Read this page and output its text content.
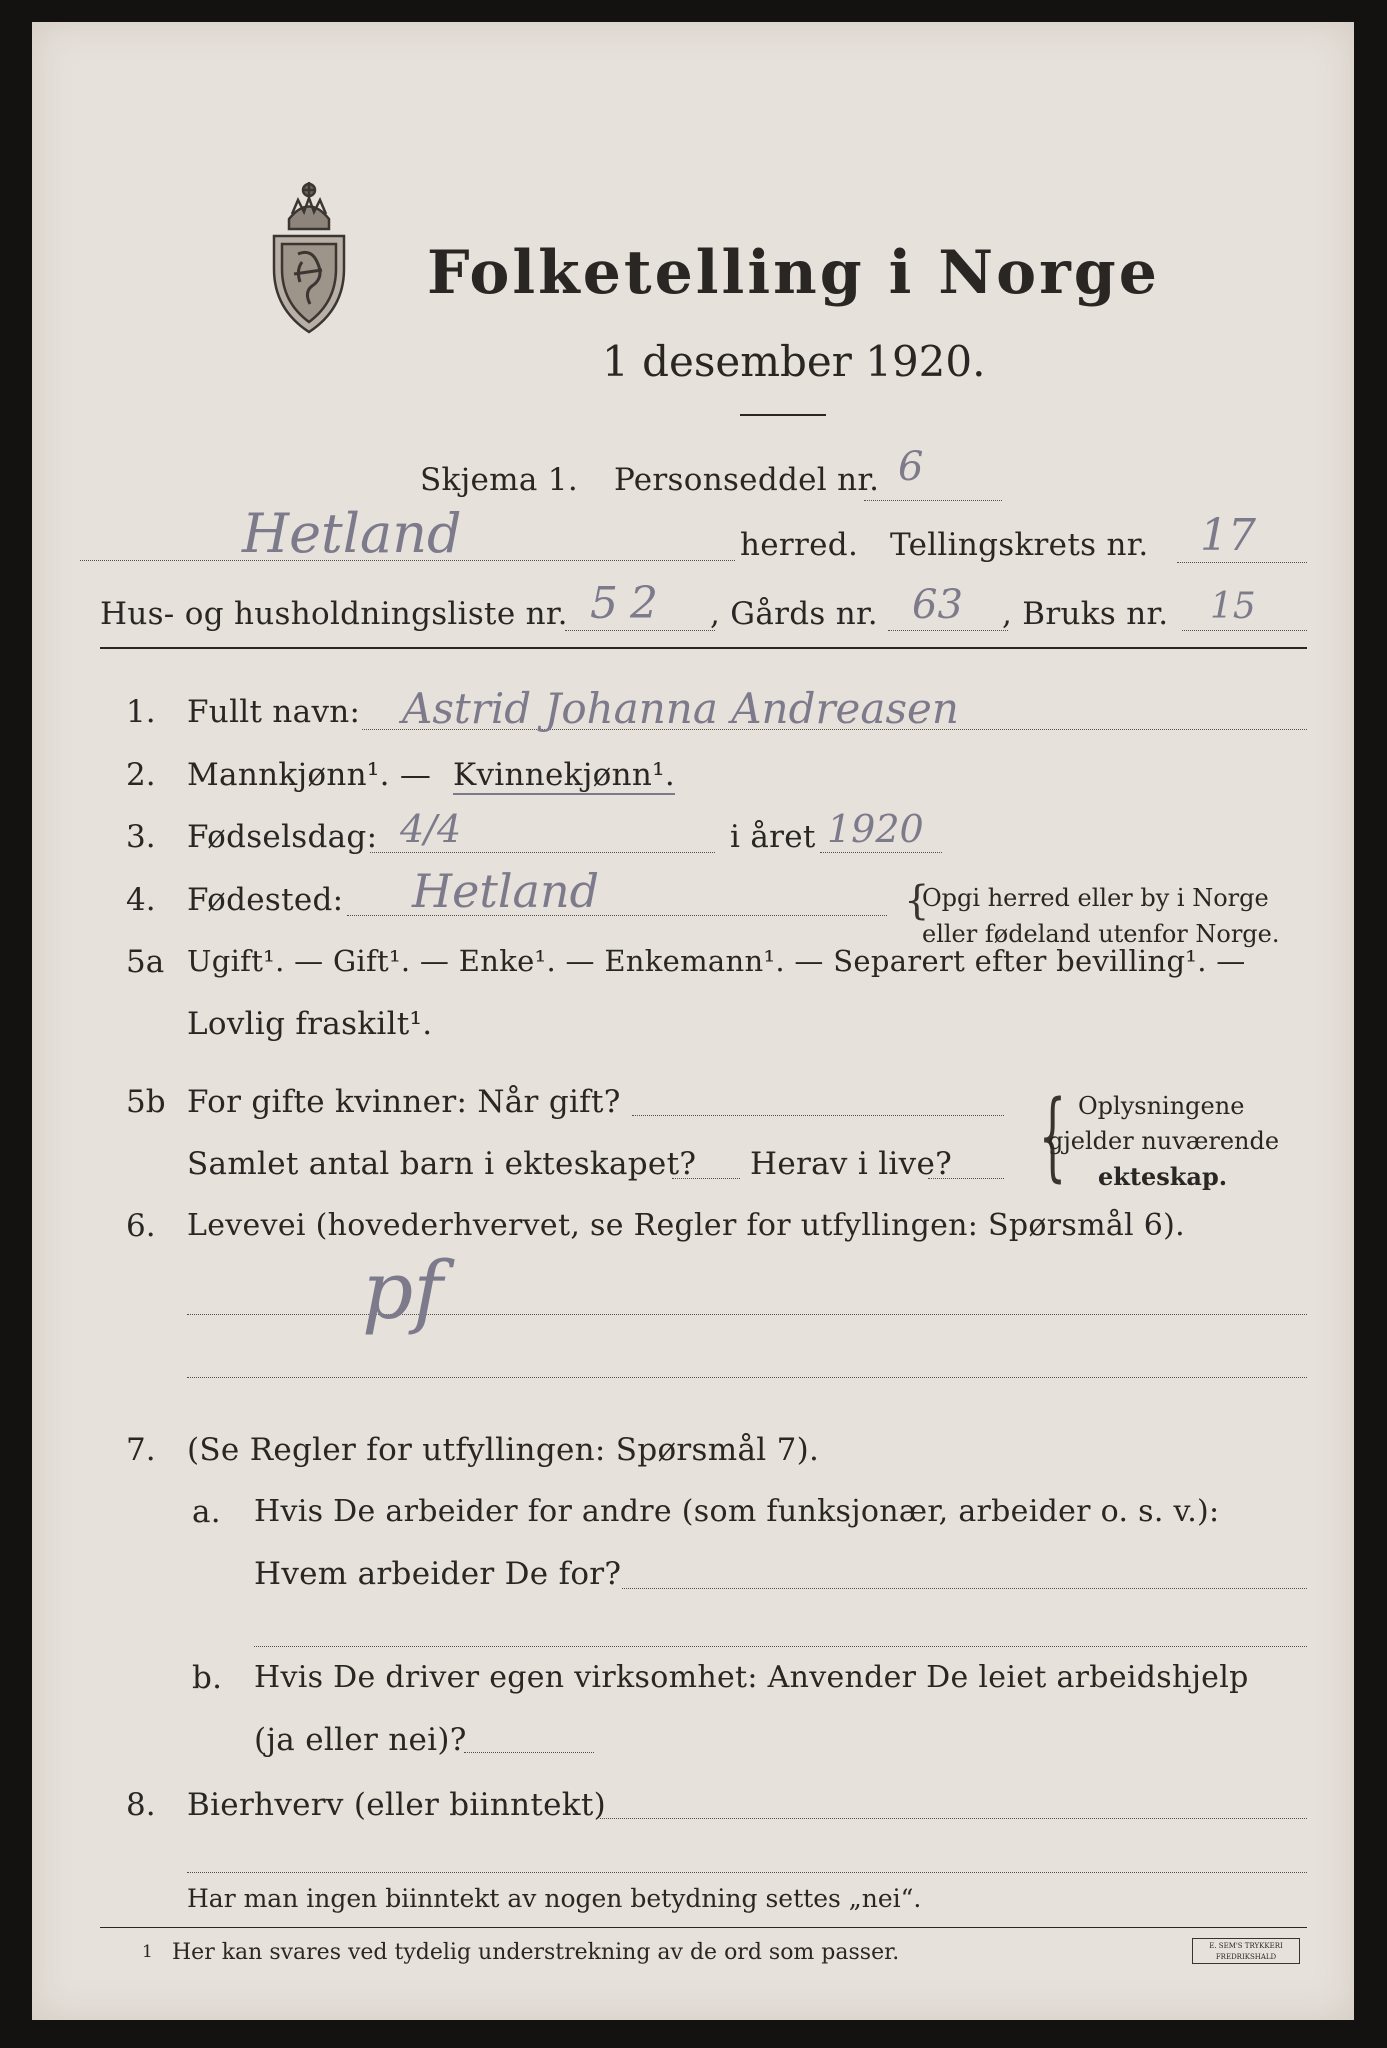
Folketelling i Norge
1 desember 1920.
Skjema 1. Personseddel nr. 6
Hetland	herred. Tellingskrets nr. 17
Hus- og husholdningsliste nr. 52 , Gårds nr. 63 , Bruks nr. 15
1. Fullt navn: Astrid Johanna Andreasen
2. Mannkjønn¹. — Kvinnekjønn¹.
3. Fødselsdag: 4/4	i året 1920
4. Fødested: Hetland	{
Opgi herred eller by i Norge
eller fødeland utenfor Norge.
5a Ugift¹. — Gift¹. — Enke¹. — Enkemann¹. — Separert efter bevilling¹. —
Lovlig fraskilt¹.
5b For gifte kvinner: Når gift?
Samlet antal barn i ekteskapet? Herav i live? { Oplysningene
gjelder nuværende
ekteskap.
6. Levevei (hovederhvervet, se Regler for utfyllingen: Spørsmål 6).
pf
7. (Se Regler for utfyllingen: Spørsmål 7).
a. Hvis De arbeider for andre (som funksjonær, arbeider o. s. v.):
Hvem arbeider De for?
b. Hvis De driver egen virksomhet: Anvender De leiet arbeidshjelp
(ja eller nei)?
8. Bierhverv (eller biinntekt)
Har man ingen biinntekt av nogen betydning settes „nei“.
1 Her kan svares ved tydelig understrekning av de ord som passer.	E. SEM'S TRYKKERI FREDRIKSHALD
